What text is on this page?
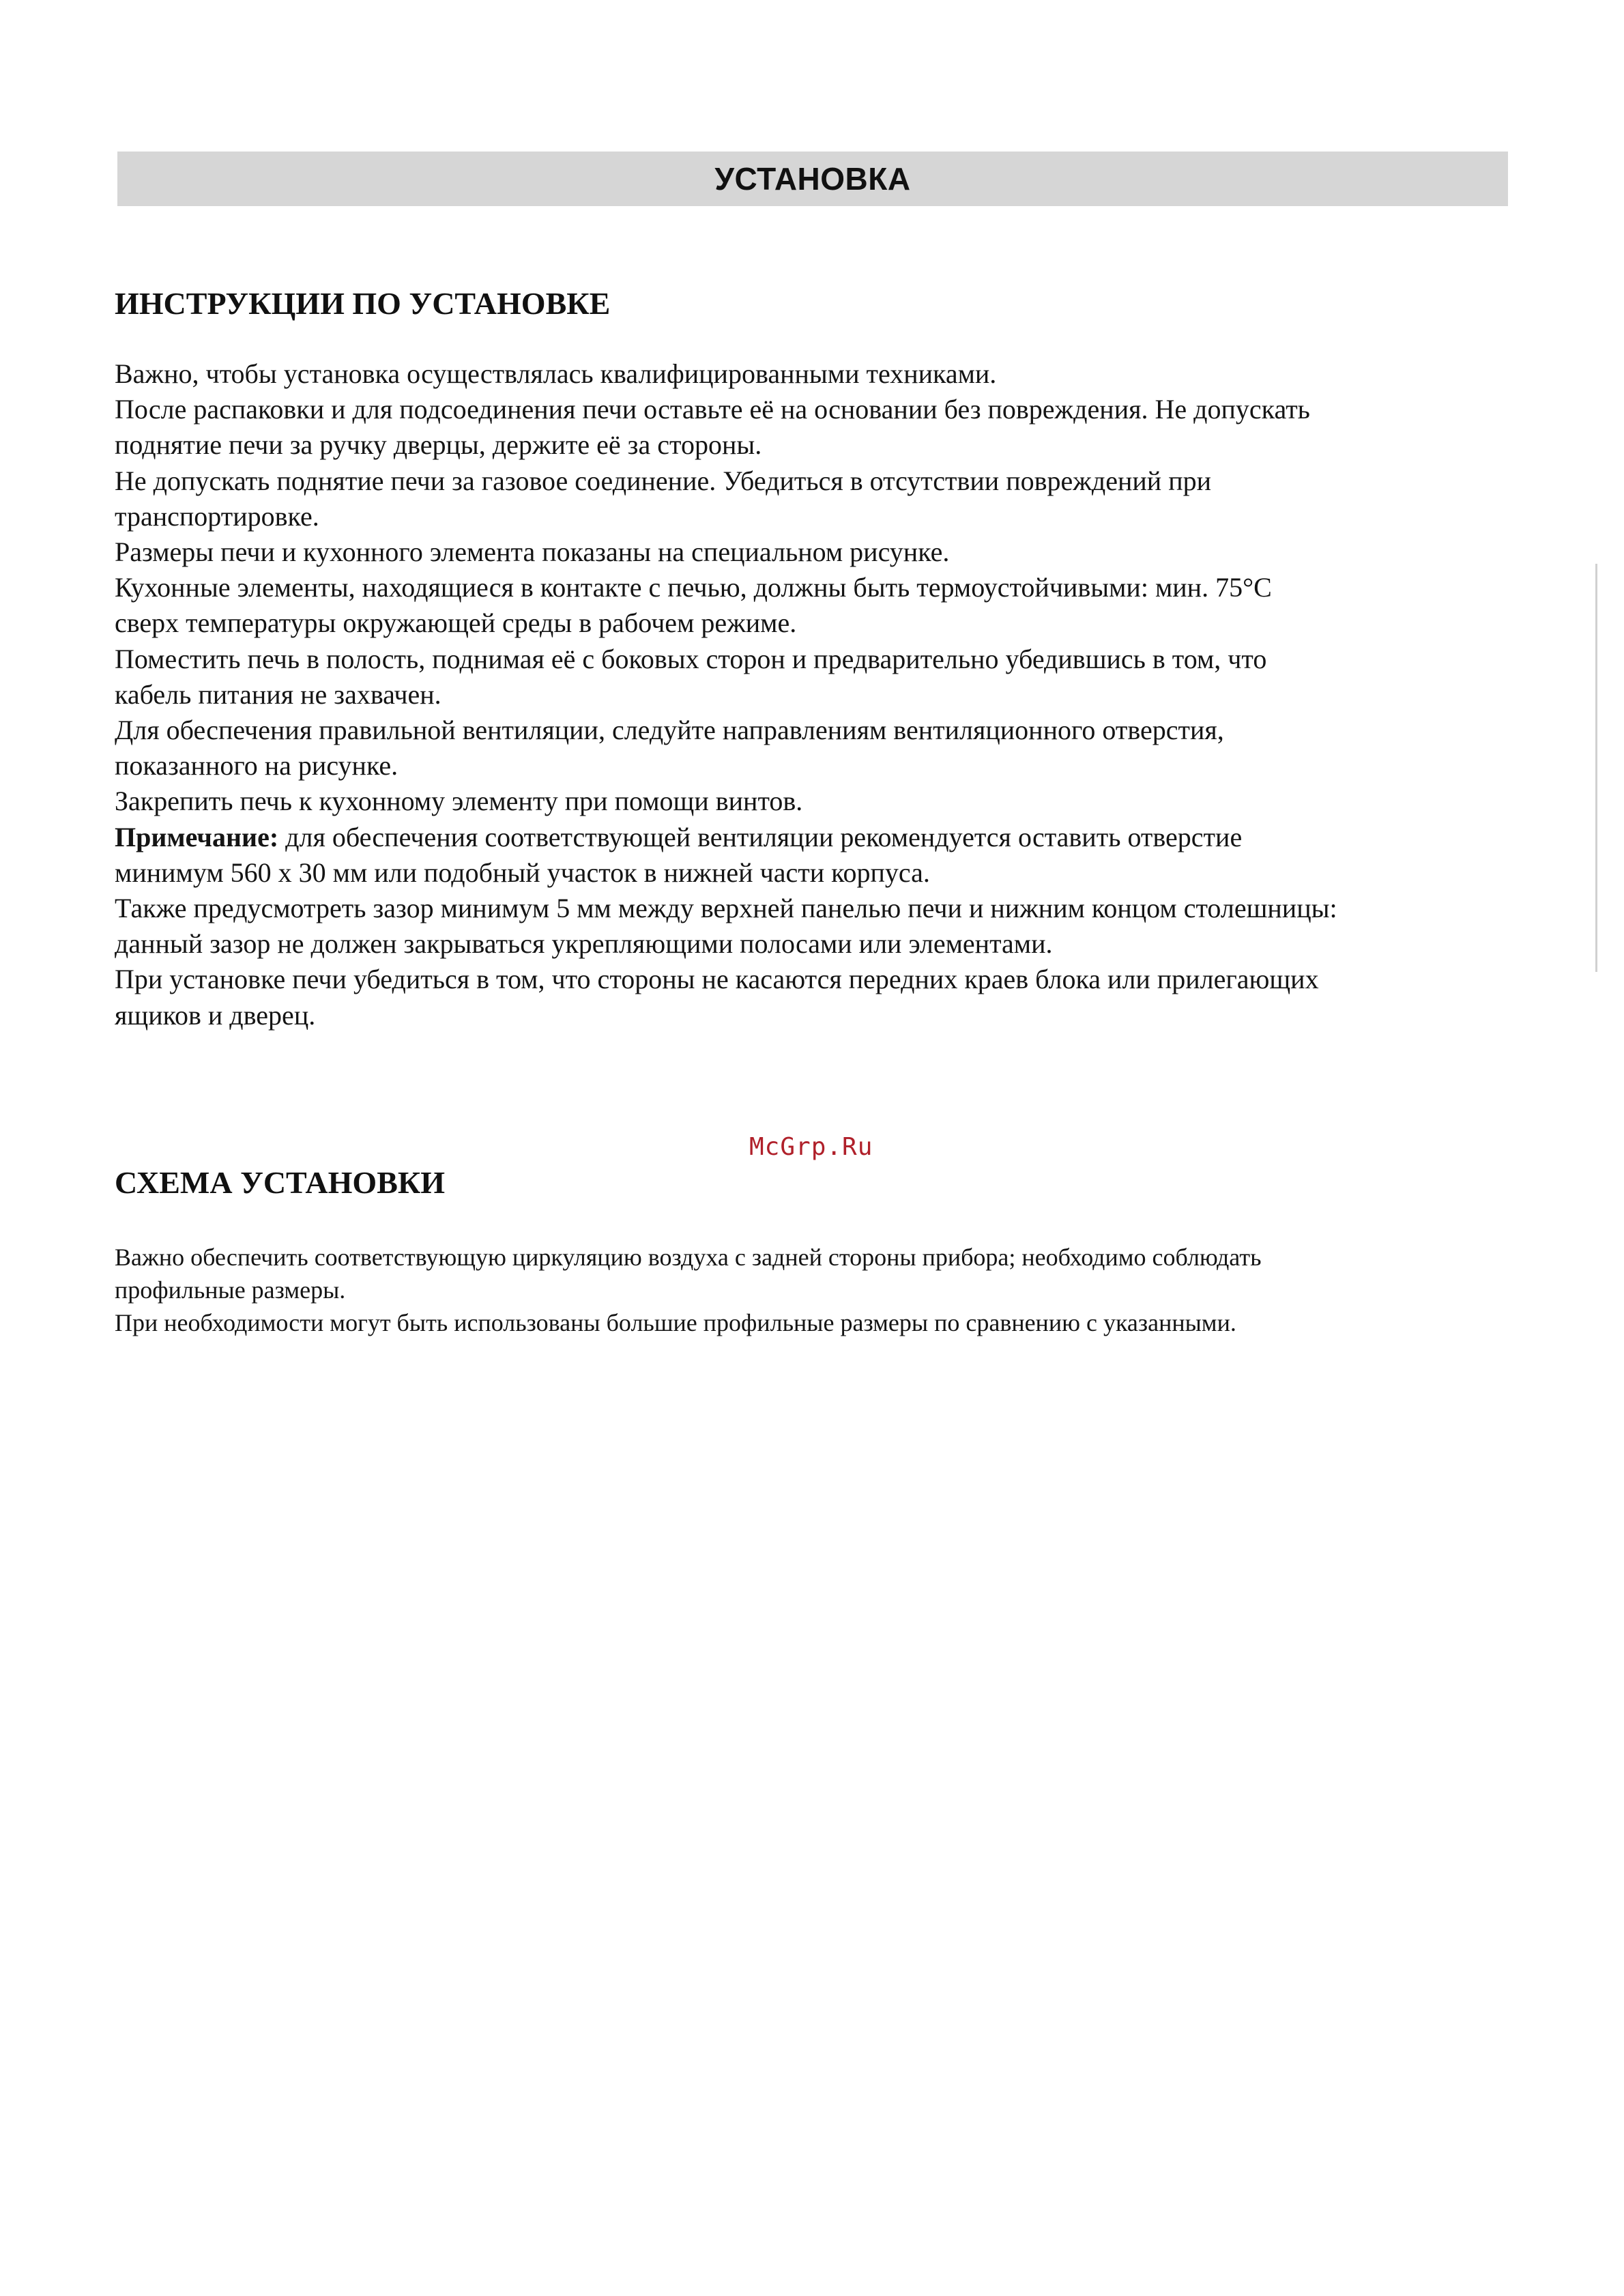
УСТАНОВКА
ИНСТРУКЦИИ ПО УСТАНОВКЕ
Важно, чтобы установка осуществлялась квалифицированными техниками.
После распаковки и для подсоединения печи оставьте её на основании без повреждения. Не допускать
поднятие печи за ручку дверцы, держите её за стороны.
Не допускать поднятие печи за газовое соединение. Убедиться в отсутствии повреждений при
транспортировке.
Размеры печи и кухонного элемента показаны на специальном рисунке.
Кухонные элементы, находящиеся в контакте с печью, должны быть термоустойчивыми: мин. 75°C
сверх температуры окружающей среды в рабочем режиме.
Поместить печь в полость, поднимая её с боковых сторон и предварительно убедившись в том, что
кабель питания не захвачен.
Для обеспечения правильной вентиляции, следуйте направлениям вентиляционного отверстия,
показанного на рисунке.
Закрепить печь к кухонному элементу при помощи винтов.
Примечание: для обеспечения соответствующей вентиляции рекомендуется оставить отверстие
минимум 560 x 30 мм или подобный участок в нижней части корпуса.
Также предусмотреть зазор минимум 5 мм между верхней панелью печи и нижним концом столешницы:
данный зазор не должен закрываться укрепляющими полосами или элементами.
При установке печи убедиться в том, что стороны не касаются передних краев блока или прилегающих
ящиков и дверец.
McGrp.Ru
СХЕМА УСТАНОВКИ
Важно обеспечить соответствующую циркуляцию воздуха с задней стороны прибора; необходимо соблюдать
профильные размеры.
При необходимости могут быть использованы большие профильные размеры по сравнению с указанными.
